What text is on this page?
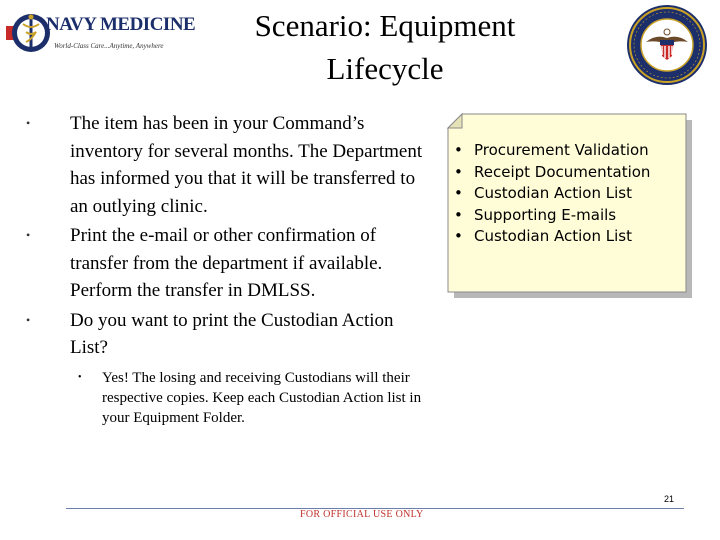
NAVY MEDICINE
World-Class Care...Anytime, Anywhere
Scenario: Equipment
Lifecycle
• The item has been in your Command’s inventory for several months. The Department has informed you that it will be transferred to an outlying clinic.
• Print the e-mail or other confirmation of transfer from the department if available. Perform the transfer in DMLSS.
• Do you want to print the Custodian Action List?
• Yes! The losing and receiving Custodians will their respective copies. Keep each Custodian Action list in your Equipment Folder.
• Procurement Validation
• Receipt Documentation
• Custodian Action List
• Supporting E-mails
• Custodian Action List
21
FOR OFFICIAL USE ONLY
